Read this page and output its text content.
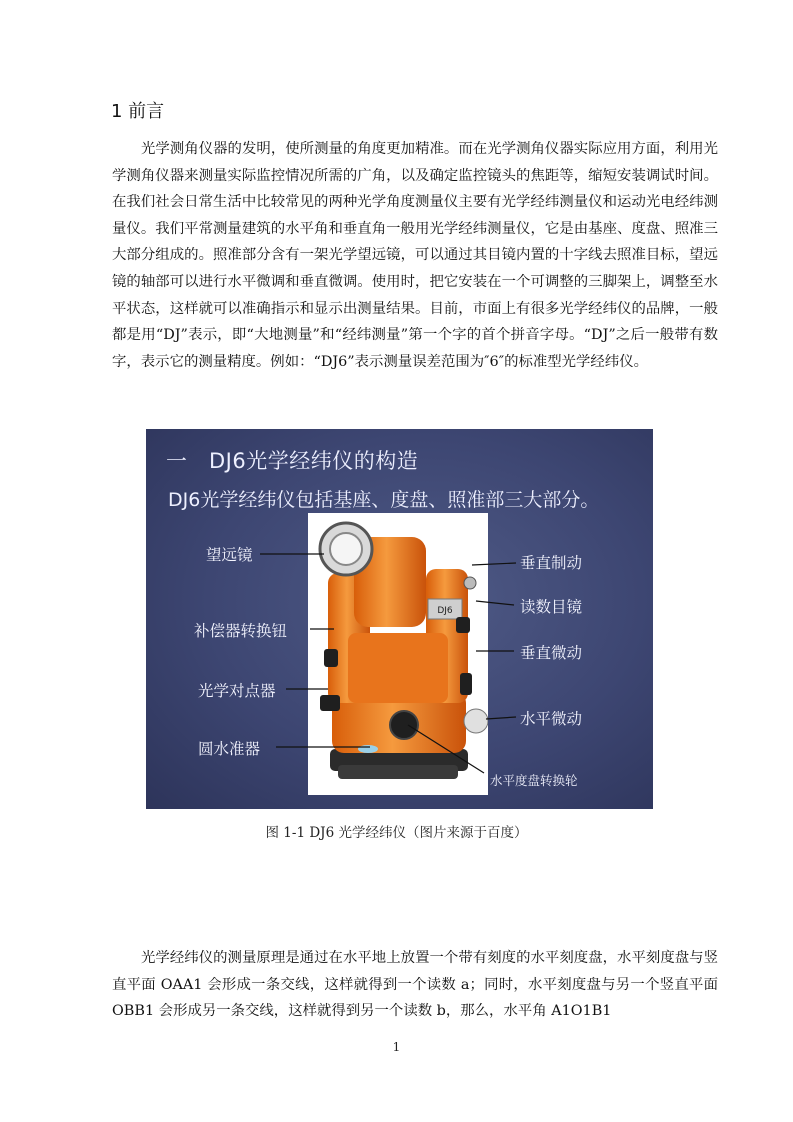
1 前言

光学测角仪器的发明，使所测量的角度更加精准。而在光学测角仪器实际应用方面，利用光学测角仪器来测量实际监控情况所需的广角，以及确定监控镜头的焦距等，缩短安装调试时间。在我们社会日常生活中比较常见的两种光学角度测量仪主要有光学经纬测量仪和运动光电经纬测量仪。我们平常测量建筑的水平角和垂直角一般用光学经纬测量仪，它是由基座、度盘、照准三大部分组成的。照准部分含有一架光学望远镜，可以通过其目镜内置的十字线去照准目标，望远镜的轴部可以进行水平微调和垂直微调。使用时，把它安装在一个可调整的三脚架上，调整至水平状态，这样就可以准确指示和显示出测量结果。目前，市面上有很多光学经纬仪的品牌，一般都是用“DJ”表示，即“大地测量”和“经纬测量”第一个字的首个拼音字母。“DJ”之后一般带有数字，表示它的测量精度。例如：“DJ6”表示测量误差范围为″6″的标准型光学经纬仪。

一　DJ6光学经纬仪的构造
DJ6光学经纬仪包括基座、度盘、照准部三大部分。
DJ6
望远镜
补偿器转换钮
光学对点器
圆水准器
垂直制动
读数目镜
垂直微动
水平微动
水平度盘转换轮
图 1-1 DJ6 光学经纬仪（图片来源于百度）

光学经纬仪的测量原理是通过在水平地上放置一个带有刻度的水平刻度盘，水平刻度盘与竖直平面 OAA1 会形成一条交线，这样就得到一个读数 a；同时，水平刻度盘与另一个竖直平面 OBB1 会形成另一条交线，这样就得到另一个读数 b，那么，水平角 A1O1B1

1
